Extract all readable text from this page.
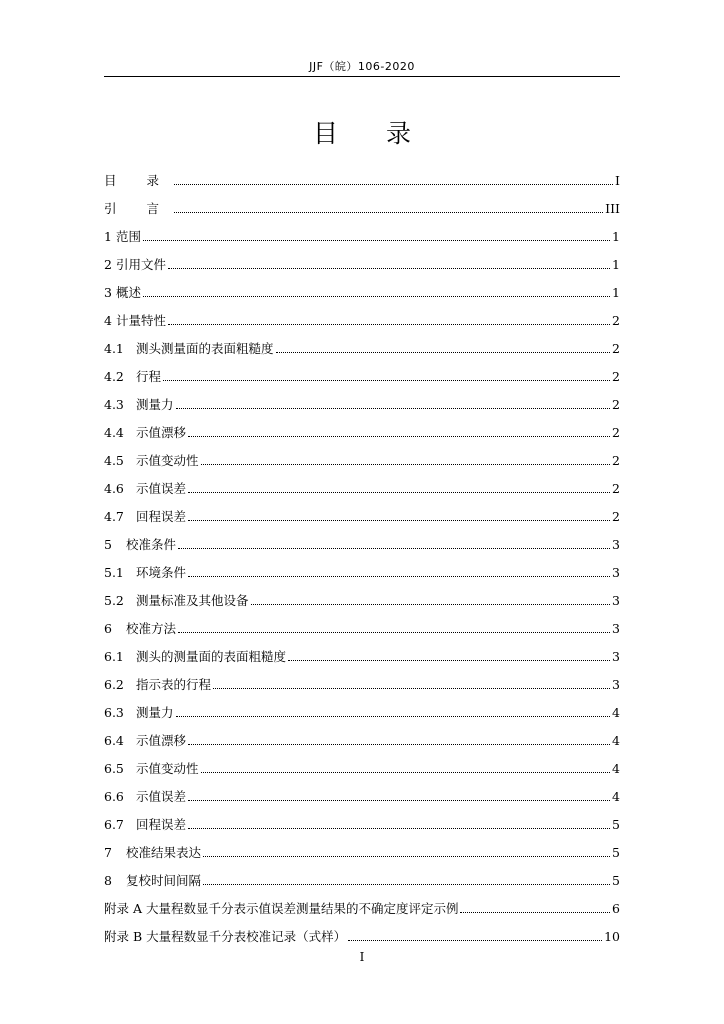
JJF（皖）106-2020
目 录
目 录	I
引 言	III
1 范围	1
2 引用文件	1
3 概述	1
4 计量特性	2
4.1 测头测量面的表面粗糙度	2
4.2 行程	2
4.3 测量力	2
4.4 示值漂移	2
4.5 示值变动性	2
4.6 示值误差	2
4.7 回程误差	2
5	校准条件	3
5.1 环境条件	3
5.2 测量标准及其他设备	3
6	校准方法	3
6.1 测头的测量面的表面粗糙度	3
6.2 指示表的行程	3
6.3 测量力	4
6.4 示值漂移	4
6.5 示值变动性	4
6.6 示值误差	4
6.7 回程误差	5
7	校准结果表达	5
8	复校时间间隔	5
附录 A 大量程数显千分表示值误差测量结果的不确定度评定示例	6
附录 B 大量程数显千分表校准记录（式样）	10
I
